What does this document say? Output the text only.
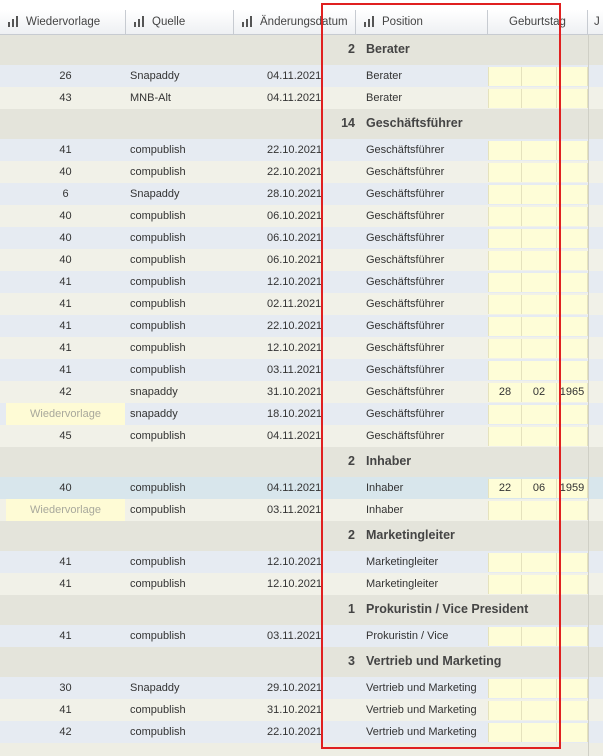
Wiedervorlage	Quelle	Änderungsdatum	Position	Geburtstag	J
2 Berater
26	Snapaddy	04.11.2021	Berater
43	MNB-Alt	04.11.2021	Berater
14 Geschäftsführer
41	compublish	22.10.2021	Geschäftsführer
40	compublish	22.10.2021	Geschäftsführer
6	Snapaddy	28.10.2021	Geschäftsführer
40	compublish	06.10.2021	Geschäftsführer
40	compublish	06.10.2021	Geschäftsführer
40	compublish	06.10.2021	Geschäftsführer
41	compublish	12.10.2021	Geschäftsführer
41	compublish	02.11.2021	Geschäftsführer
41	compublish	22.10.2021	Geschäftsführer
41	compublish	12.10.2021	Geschäftsführer
41	compublish	03.11.2021	Geschäftsführer
42	snapaddy	31.10.2021	Geschäftsführer	28	02	1965
Wiedervorlage	snapaddy	18.10.2021	Geschäftsführer
45	compublish	04.11.2021	Geschäftsführer
2 Inhaber
40	compublish	04.11.2021	Inhaber	22	06	1959
Wiedervorlage	compublish	03.11.2021	Inhaber
2 Marketingleiter
41	compublish	12.10.2021	Marketingleiter
41	compublish	12.10.2021	Marketingleiter
1 Prokuristin / Vice President
41	compublish	03.11.2021	Prokuristin / Vice
3 Vertrieb und Marketing
30	Snapaddy	29.10.2021	Vertrieb und Marketing
41	compublish	31.10.2021	Vertrieb und Marketing
42	compublish	22.10.2021	Vertrieb und Marketing
